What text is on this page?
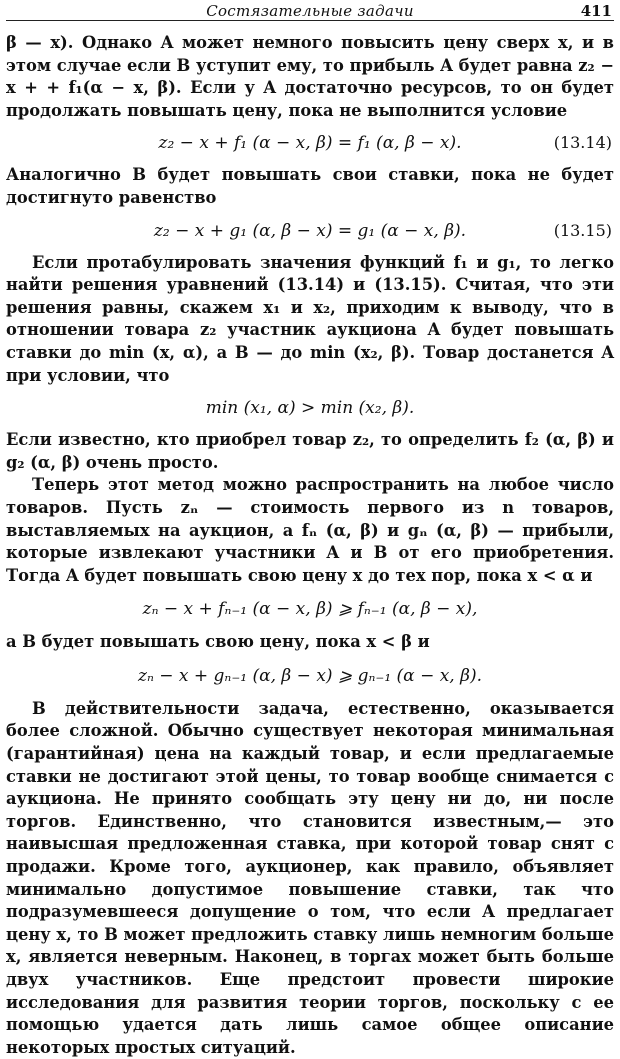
Состязательные задачи	411

β — x). Однако A может немного повысить цену сверх x, и в этом случае если B уступит ему, то прибыль A будет равна z₂ − x + + f₁(α − x, β). Если у A достаточно ресурсов, то он будет продолжать повышать цену, пока не выполнится условие

z₂ − x + f₁ (α − x, β) = f₁ (α, β − x).	(13.14)

Аналогично B будет повышать свои ставки, пока не будет достигнуто равенство

z₂ − x + g₁ (α, β − x) = g₁ (α − x, β).	(13.15)

Если протабулировать значения функций f₁ и g₁, то легко найти решения уравнений (13.14) и (13.15). Считая, что эти решения равны, скажем x₁ и x₂, приходим к выводу, что в отношении товара z₂ участник аукциона A будет повышать ставки до min (x, α), а B — до min (x₂, β). Товар достанется A при условии, что

min (x₁, α) > min (x₂, β).

Если известно, кто приобрел товар z₂, то определить f₂ (α, β) и g₂ (α, β) очень просто.

Теперь этот метод можно распространить на любое число товаров. Пусть zₙ — стоимость первого из n товаров, выставляемых на аукцион, а fₙ (α, β) и gₙ (α, β) — прибыли, которые извлекают участники A и B от его приобретения. Тогда A будет повышать свою цену x до тех пор, пока x < α и

zₙ − x + fₙ₋₁ (α − x, β) ⩾ fₙ₋₁ (α, β − x),

а B будет повышать свою цену, пока x < β и

zₙ − x + gₙ₋₁ (α, β − x) ⩾ gₙ₋₁ (α − x, β).

В действительности задача, естественно, оказывается более сложной. Обычно существует некоторая минимальная (гарантийная) цена на каждый товар, и если предлагаемые ставки не достигают этой цены, то товар вообще снимается с аукциона. Не принято сообщать эту цену ни до, ни после торгов. Единственно, что становится известным,— это наивысшая предложенная ставка, при которой товар снят с продажи. Кроме того, аукционер, как правило, объявляет минимально допустимое повышение ставки, так что подразумевшееся допущение о том, что если A предлагает цену x, то B может предложить ставку лишь немногим больше x, является неверным. Наконец, в торгах может быть больше двух участников. Еще предстоит провести широкие исследования для развития теории торгов, поскольку с ее помощью удается дать лишь самое общее описание некоторых простых ситуаций.
